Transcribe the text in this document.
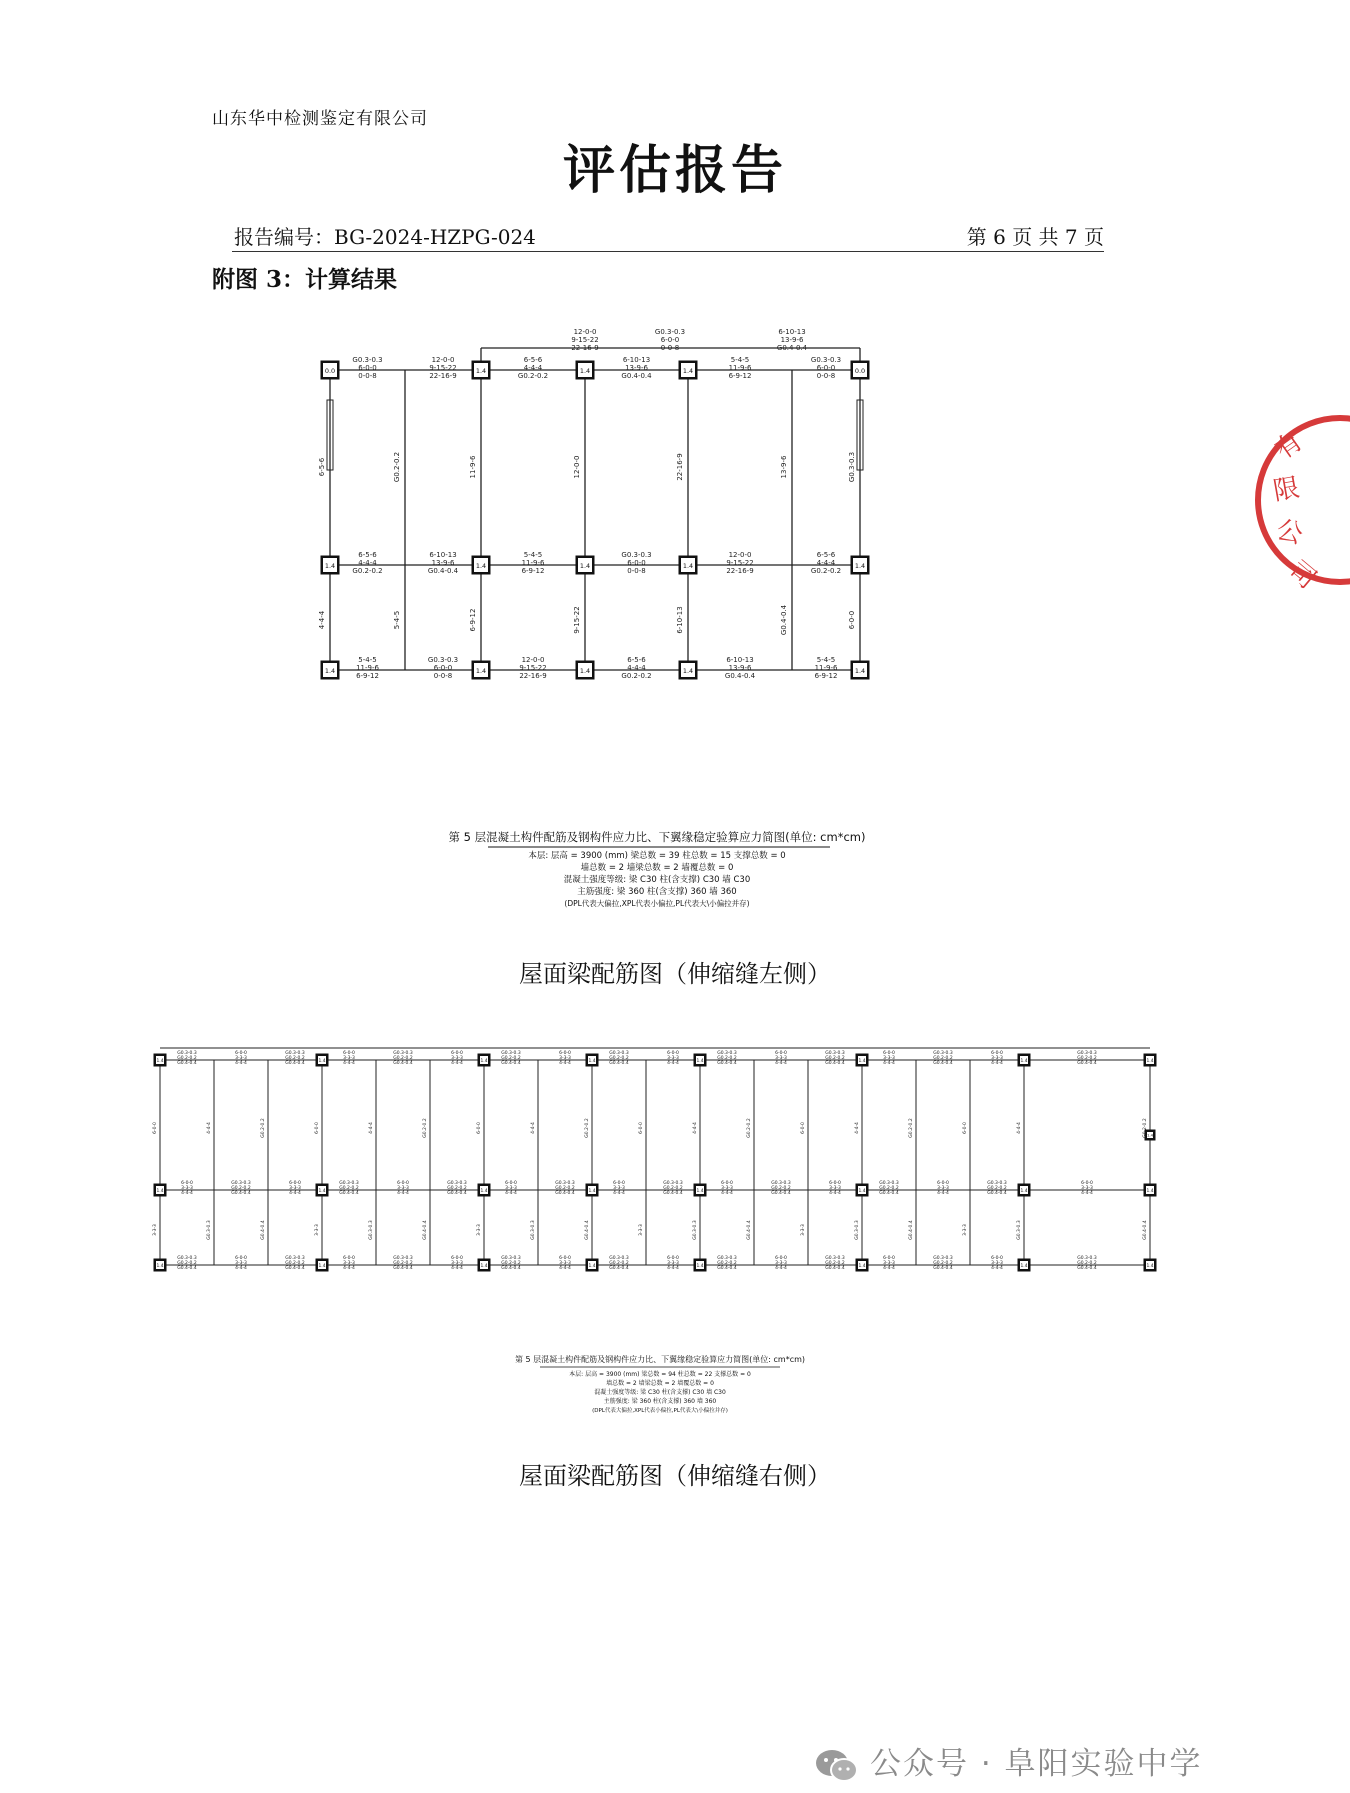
山东华中检测鉴定有限公司
评估报告
报告编号：BG-2024-HZPG-024	第 6 页 共 7 页
附图 3：计算结果
0.0	1.4	1.4	1.4	0.0
1.4	1.4	1.4	1.4	1.4
1.4	1.4	1.4	1.4	1.4
G0.3-0.3
6-0-0
0-0-8
6-5-6
4-4-4
G0.2-0.2
5-4-5
11-9-6
6-9-12
12-0-0
9-15-22
22-16-9
6-10-13
13-9-6
G0.4-0.4
G0.3-0.3
6-0-0
0-0-8
6-5-6
4-4-4
G0.2-0.2
5-4-5
11-9-6
6-9-12
12-0-0
9-15-22
22-16-9
6-10-13
13-9-6
G0.4-0.4
G0.3-0.3
6-0-0
0-0-8
6-5-6
4-4-4
G0.2-0.2
5-4-5
11-9-6
6-9-12
12-0-0
9-15-22
22-16-9
6-10-13
13-9-6
G0.4-0.4
G0.3-0.3
6-0-0
0-0-8
6-5-6
4-4-4
G0.2-0.2
5-4-5
11-9-6
6-9-12
12-0-0
9-15-22
22-16-9
6-10-13
13-9-6
G0.4-0.4
G0.3-0.3
6-0-0
0-0-8
6-5-6
4-4-4
G0.2-0.2
5-4-5
11-9-6
6-9-12
12-0-0
9-15-22
22-16-9
6-10-13
13-9-6
G0.4-0.4
G0.3-0.3
6-0-0
第 5 层混凝土构件配筋及钢构件应力比、下翼缘稳定验算应力简图(单位: cm*cm)
本层: 层高 = 3900 (mm) 梁总数 = 39 柱总数 = 15 支撑总数 = 0
墙总数 = 2 墙梁总数 = 2 墙覆总数 = 0
混凝土强度等级: 梁 C30 柱(含支撑) C30 墙 C30
主筋强度: 梁 360 柱(含支撑) 360 墙 360
(DPL代表大偏拉,XPL代表小偏拉,PL代表大\小偏拉并存)
屋面梁配筋图（伸缩缝左侧）
1.4	1.4	1.4	1.4	1.4	1.4	1.4	1.4
1.4	1.4	1.4	1.4	1.4	1.4	1.4	1.4
1.4	1.4	1.4	1.4	1.4	1.4	1.4	1.4
1.4
G0.3-0.3
G0.2-0.2
G0.4-0.4
6-0-0
3-3-3
4-4-4
G0.3-0.3
G0.2-0.2
G0.4-0.4
6-0-0
3-3-3
4-4-4
G0.3-0.3
G0.2-0.2
G0.4-0.4
6-0-0
3-3-3
4-4-4
G0.3-0.3
G0.2-0.2
G0.4-0.4
6-0-0
3-3-3
4-4-4
G0.3-0.3
G0.2-0.2
G0.4-0.4
6-0-0
3-3-3
4-4-4
G0.3-0.3
G0.2-0.2
G0.4-0.4
6-0-0
3-3-3
4-4-4
G0.3-0.3
G0.2-0.2
G0.4-0.4
6-0-0
3-3-3
4-4-4
G0.3-0.3
G0.2-0.2
G0.4-0.4
6-0-0
3-3-3
4-4-4
G0.3-0.3
G0.2-0.2
G0.4-0.4
6-0-0
3-3-3
4-4-4
G0.3-0.3
G0.2-0.2
G0.4-0.4
6-0-0
3-3-3
4-4-4
G0.3-0.3
G0.2-0.2
G0.4-0.4
6-0-0
3-3-3
4-4-4
G0.3-0.3
G0.2-0.2
G0.4-0.4
6-0-0
3-3-3
4-4-4
G0.3-0.3
G0.2-0.2
G0.4-0.4
6-0-0
3-3-3
4-4-4
G0.3-0.3
G0.2-0.2
G0.4-0.4
6-0-0
3-3-3
4-4-4
G0.3-0.3
G0.2-0.2
G0.4-0.4
6-0-0
3-3-3
4-4-4
G0.3-0.3
G0.2-0.2
G0.4-0.4
6-0-0
3-3-3
4-4-4
G0.3-0.3
G0.2-0.2
G0.4-0.4
6-0-0
3-3-3
4-4-4
G0.3-0.3
G0.2-0.2
G0.4-0.4
6-0-0
3-3-3
4-4-4
G0.3-0.3
G0.2-0.2
G0.4-0.4
6-0-0
3-3-3
4-4-4
G0.3-0.3
G0.2-0.2
G0.4-0.4
6-0-0
3-3-3
4-4-4
G0.3-0.3
G0.2-0.2
G0.4-0.4
6-0-0
3-3-3
4-4-4
G0.3-0.3
G0.2-0.2
G0.4-0.4
6-0-0
3-3-3
4-4-4
G0.3-0.3
G0.2-0.2
G0.4-0.4
6-0-0
3-3-3
4-4-4
G0.3-0.3
G0.2-0.2
G0.4-0.4
6-0-0
3-3-3
4-4-4
G0.3-0.3
G0.2-0.2
G0.4-0.4
6-0-0
3-3-3
4-4-4
G0.3-0.3
G0.2-0.2
G0.4-0.4
6-0-0
3-3-3
4-4-4
G0.3-0.3
G0.2-0.2
G0.4-0.4
6-0-0
3-3-3
4-4-4
G0.3-0.3
G0.2-0.2
G0.4-0.4
6-0-0
3-3-3
4-4-4
G0.3-0.3
G0.2-0.2
G0.4-0.4
6-0-0
3-3-3
4-4-4
G0.3-0.3
G0.2-0.2
G0.4-0.4
6-0-0
3-3-3
4-4-4
G0.3-0.3
G0.2-0.2
G0.4-0.4
6-0-0
3-3-3
4-4-4
G0.3-0.3
G0.2-0.2
G0.4-0.4
第 5 层混凝土构件配筋及钢构件应力比、下翼缘稳定验算应力简图(单位: cm*cm)
本层: 层高 = 3900 (mm) 梁总数 = 94 柱总数 = 22 支撑总数 = 0
墙总数 = 2 墙梁总数 = 2 墙覆总数 = 0
混凝土强度等级: 梁 C30 柱(含支撑) C30 墙 C30
主筋强度: 梁 360 柱(含支撑) 360 墙 360
(DPL代表大偏拉,XPL代表小偏拉,PL代表大\小偏拉并存)
屋面梁配筋图（伸缩缝右侧）
有
限
公
司
公众号 · 阜阳实验中学
